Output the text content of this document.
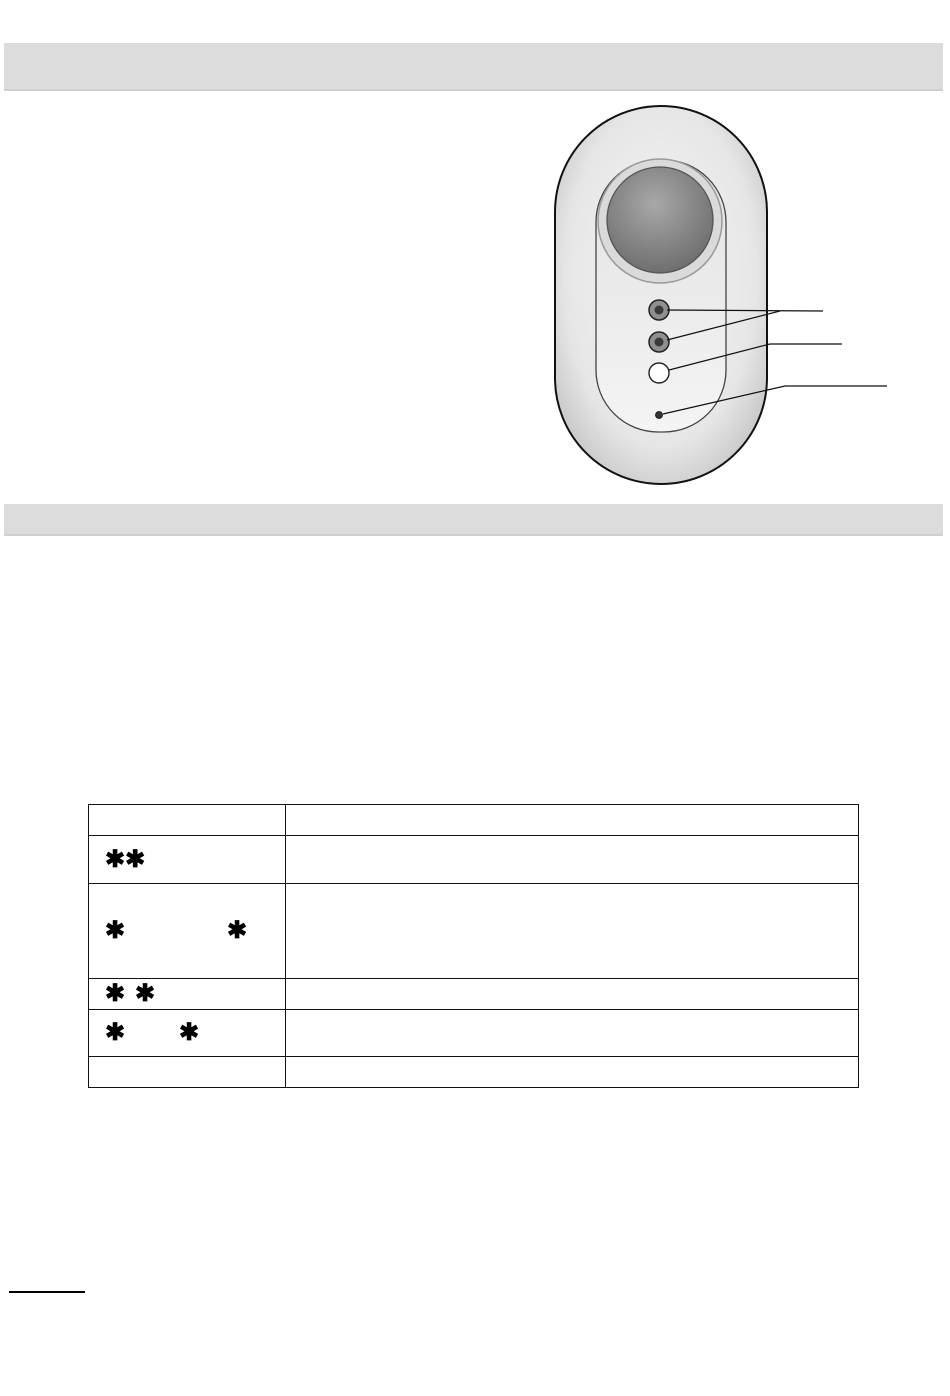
✱✱	

✱ ✱	

✱ ✱	

✱ ✱	
